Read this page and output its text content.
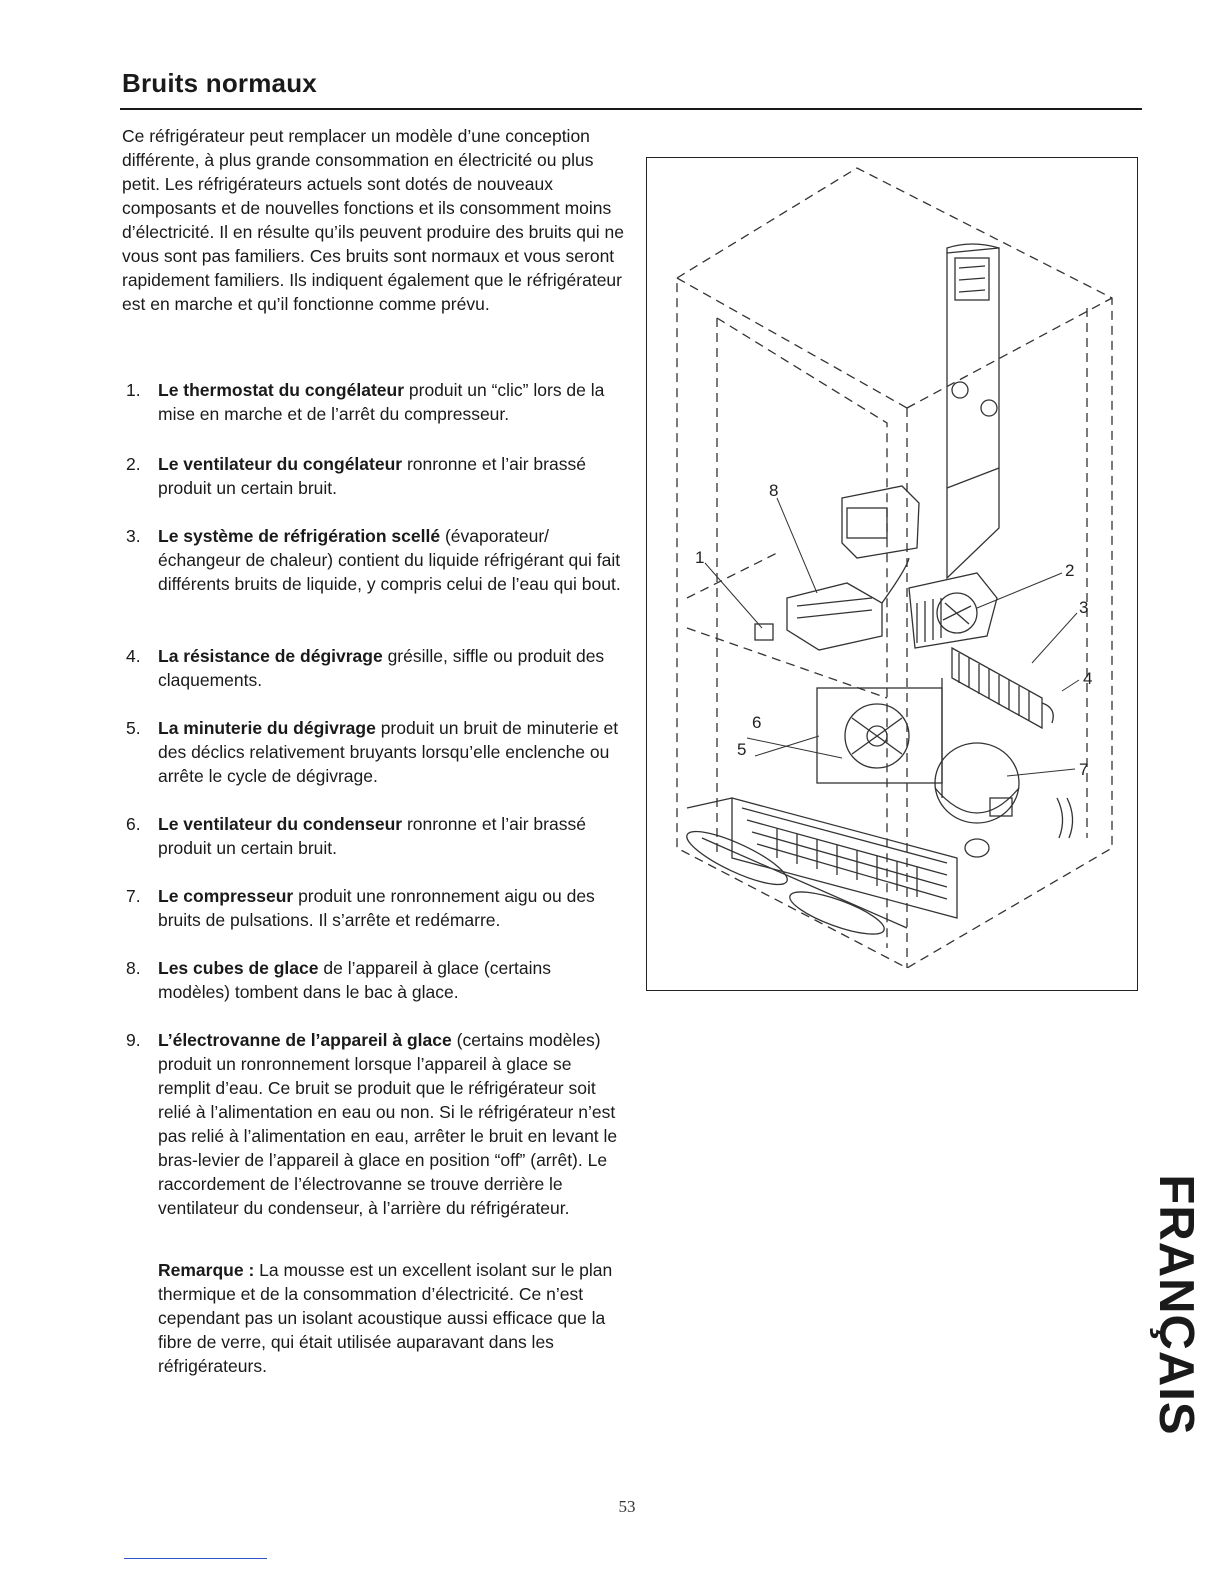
Bruits normaux

Ce réfrigérateur peut remplacer un modèle d’une conception différente, à plus grande consommation en électricité ou plus petit. Les réfrigérateurs actuels sont dotés de nouveaux composants et de nouvelles fonctions et ils consomment moins d’électricité. Il en résulte qu’ils peuvent produire des bruits qui ne vous sont pas familiers. Ces bruits sont normaux et vous seront rapidement familiers. Ils indiquent également que le réfrigérateur est en marche et qu’il fonctionne comme prévu.

1. Le thermostat du congélateur produit un “clic” lors de la mise en marche et de l’arrêt du compresseur.
2. Le ventilateur du congélateur ronronne et l’air brassé produit un certain bruit.
3. Le système de réfrigération scellé (évaporateur/ échangeur de chaleur) contient du liquide réfrigérant qui fait différents bruits de liquide, y compris celui de l’eau qui bout.
4. La résistance de dégivrage grésille, siffle ou produit des claquements.
5. La minuterie du dégivrage produit un bruit de minuterie et des déclics relativement bruyants lorsqu’elle enclenche ou arrête le cycle de dégivrage.
6. Le ventilateur du condenseur ronronne et l’air brassé produit un certain bruit.
7. Le compresseur produit une ronronnement aigu ou des bruits de pulsations. Il s’arrête et redémarre.
8. Les cubes de glace de l’appareil à glace (certains modèles) tombent dans le bac à glace.
9. L’électrovanne de l’appareil à glace (certains modèles) produit un ronronnement lorsque l’appareil à glace se remplit d’eau. Ce bruit se produit que le réfrigérateur soit relié à l’alimentation en eau ou non. Si le réfrigérateur n’est pas relié à l’alimentation en eau, arrêter le bruit en levant le bras-levier de l’appareil à glace en position “off” (arrêt). Le raccordement de l’électrovanne se trouve derrière le ventilateur du condenseur, à l’arrière du réfrigérateur.

Remarque : La mousse est un excellent isolant sur le plan thermique et de la consommation d’électricité. Ce n’est cependant pas un isolant acoustique aussi efficace que la fibre de verre, qui était utilisée auparavant dans les réfrigérateurs.

1
2
3
4
5
6
7
8
FRANÇAIS
53
